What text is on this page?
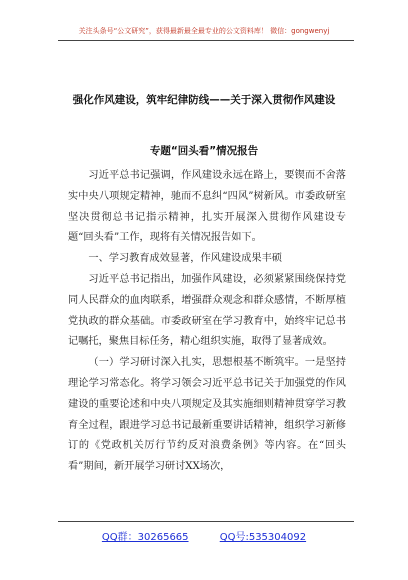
关注头条号“公文研究”，获得最新最全最专业的公文资料库！ 微信：gongwenyj
强化作风建设，筑牢纪律防线——关于深入贯彻作风建设
专题“回头看”情况报告

习近平总书记强调，作风建设永远在路上，要锲而不舍落实中央八项规定精神，驰而不息纠“四风”树新风。市委政研室坚决贯彻总书记指示精神，扎实开展深入贯彻作风建设专题“回头看”工作，现将有关情况报告如下。

一、学习教育成效显著，作风建设成果丰硕

习近平总书记指出，加强作风建设，必须紧紧围绕保持党同人民群众的血肉联系，增强群众观念和群众感情，不断厚植党执政的群众基础。市委政研室在学习教育中，始终牢记总书记嘱托，聚焦目标任务，精心组织实施，取得了显著成效。

（一）学习研讨深入扎实，思想根基不断筑牢。一是坚持理论学习常态化。将学习领会习近平总书记关于加强党的作风建设的重要论述和中央八项规定及其实施细则精神贯穿学习教育全过程，跟进学习总书记最新重要讲话精神，组织学习新修订的《党政机关厉行节约反对浪费条例》等内容。在“回头看”期间，新开展学习研讨XX场次，

QQ群：30265665	QQ号:535304092
